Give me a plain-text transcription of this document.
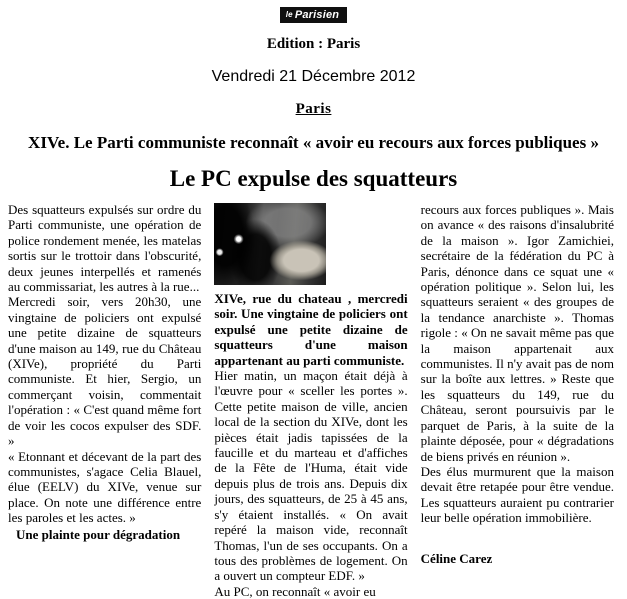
le Parisien
Edition : Paris
Vendredi 21 Décembre 2012
Paris
XIVe. Le Parti communiste reconnaît « avoir eu recours aux forces publiques »
Le PC expulse des squatteurs

Des squatteurs expulsés sur ordre du Parti communiste, une opération de police rondement menée, les matelas sortis sur le trottoir dans l'obscurité, deux jeunes interpellés et ramenés au commissariat, les autres à la rue...

Mercredi soir, vers 20h30, une vingtaine de policiers ont expulsé une petite dizaine de squatteurs d'une maison au 149, rue du Château (XIVe), propriété du Parti communiste. Et hier, Sergio, un commerçant voisin, commentait l'opération : « C'est quand même fort de voir les cocos expulser des SDF. »

« Etonnant et décevant de la part des communistes, s'agace Celia Blauel, élue (EELV) du XIVe, venue sur place. On note une différence entre les paroles et les actes. »

Une plainte pour dégradation

XIVe, rue du chateau , mercredi soir. Une vingtaine de policiers ont expulsé une petite dizaine de squatteurs d'une maison appartenant au parti communiste.

Hier matin, un maçon était déjà à l'œuvre pour « sceller les portes ». Cette petite maison de ville, ancien local de la section du XIVe, dont les pièces était jadis tapissées de la faucille et du marteau et d'affiches de la Fête de l'Huma, était vide depuis plus de trois ans. Depuis dix jours, des squatteurs, de 25 à 45 ans, s'y étaient installés. « On avait repéré la maison vide, reconnaît Thomas, l'un de ses occupants. On a tous des problèmes de logement. On a ouvert un compteur EDF. »

Au PC, on reconnaît « avoir eu

recours aux forces publiques ». Mais on avance « des raisons d'insalubrité de la maison ». Igor Zamichiei, secrétaire de la fédération du PC à Paris, dénonce dans ce squat une « opération politique ». Selon lui, les squatteurs seraient « des groupes de la tendance anarchiste ». Thomas rigole : « On ne savait même pas que la maison appartenait aux communistes. Il n'y avait pas de nom sur la boîte aux lettres. » Reste que les squatteurs du 149, rue du Château, seront poursuivis par le parquet de Paris, à la suite de la plainte déposée, pour « dégradations de biens privés en réunion ».

Des élus murmurent que la maison devait être retapée pour être vendue. Les squatteurs auraient pu contrarier leur belle opération immobilière.

Céline Carez
